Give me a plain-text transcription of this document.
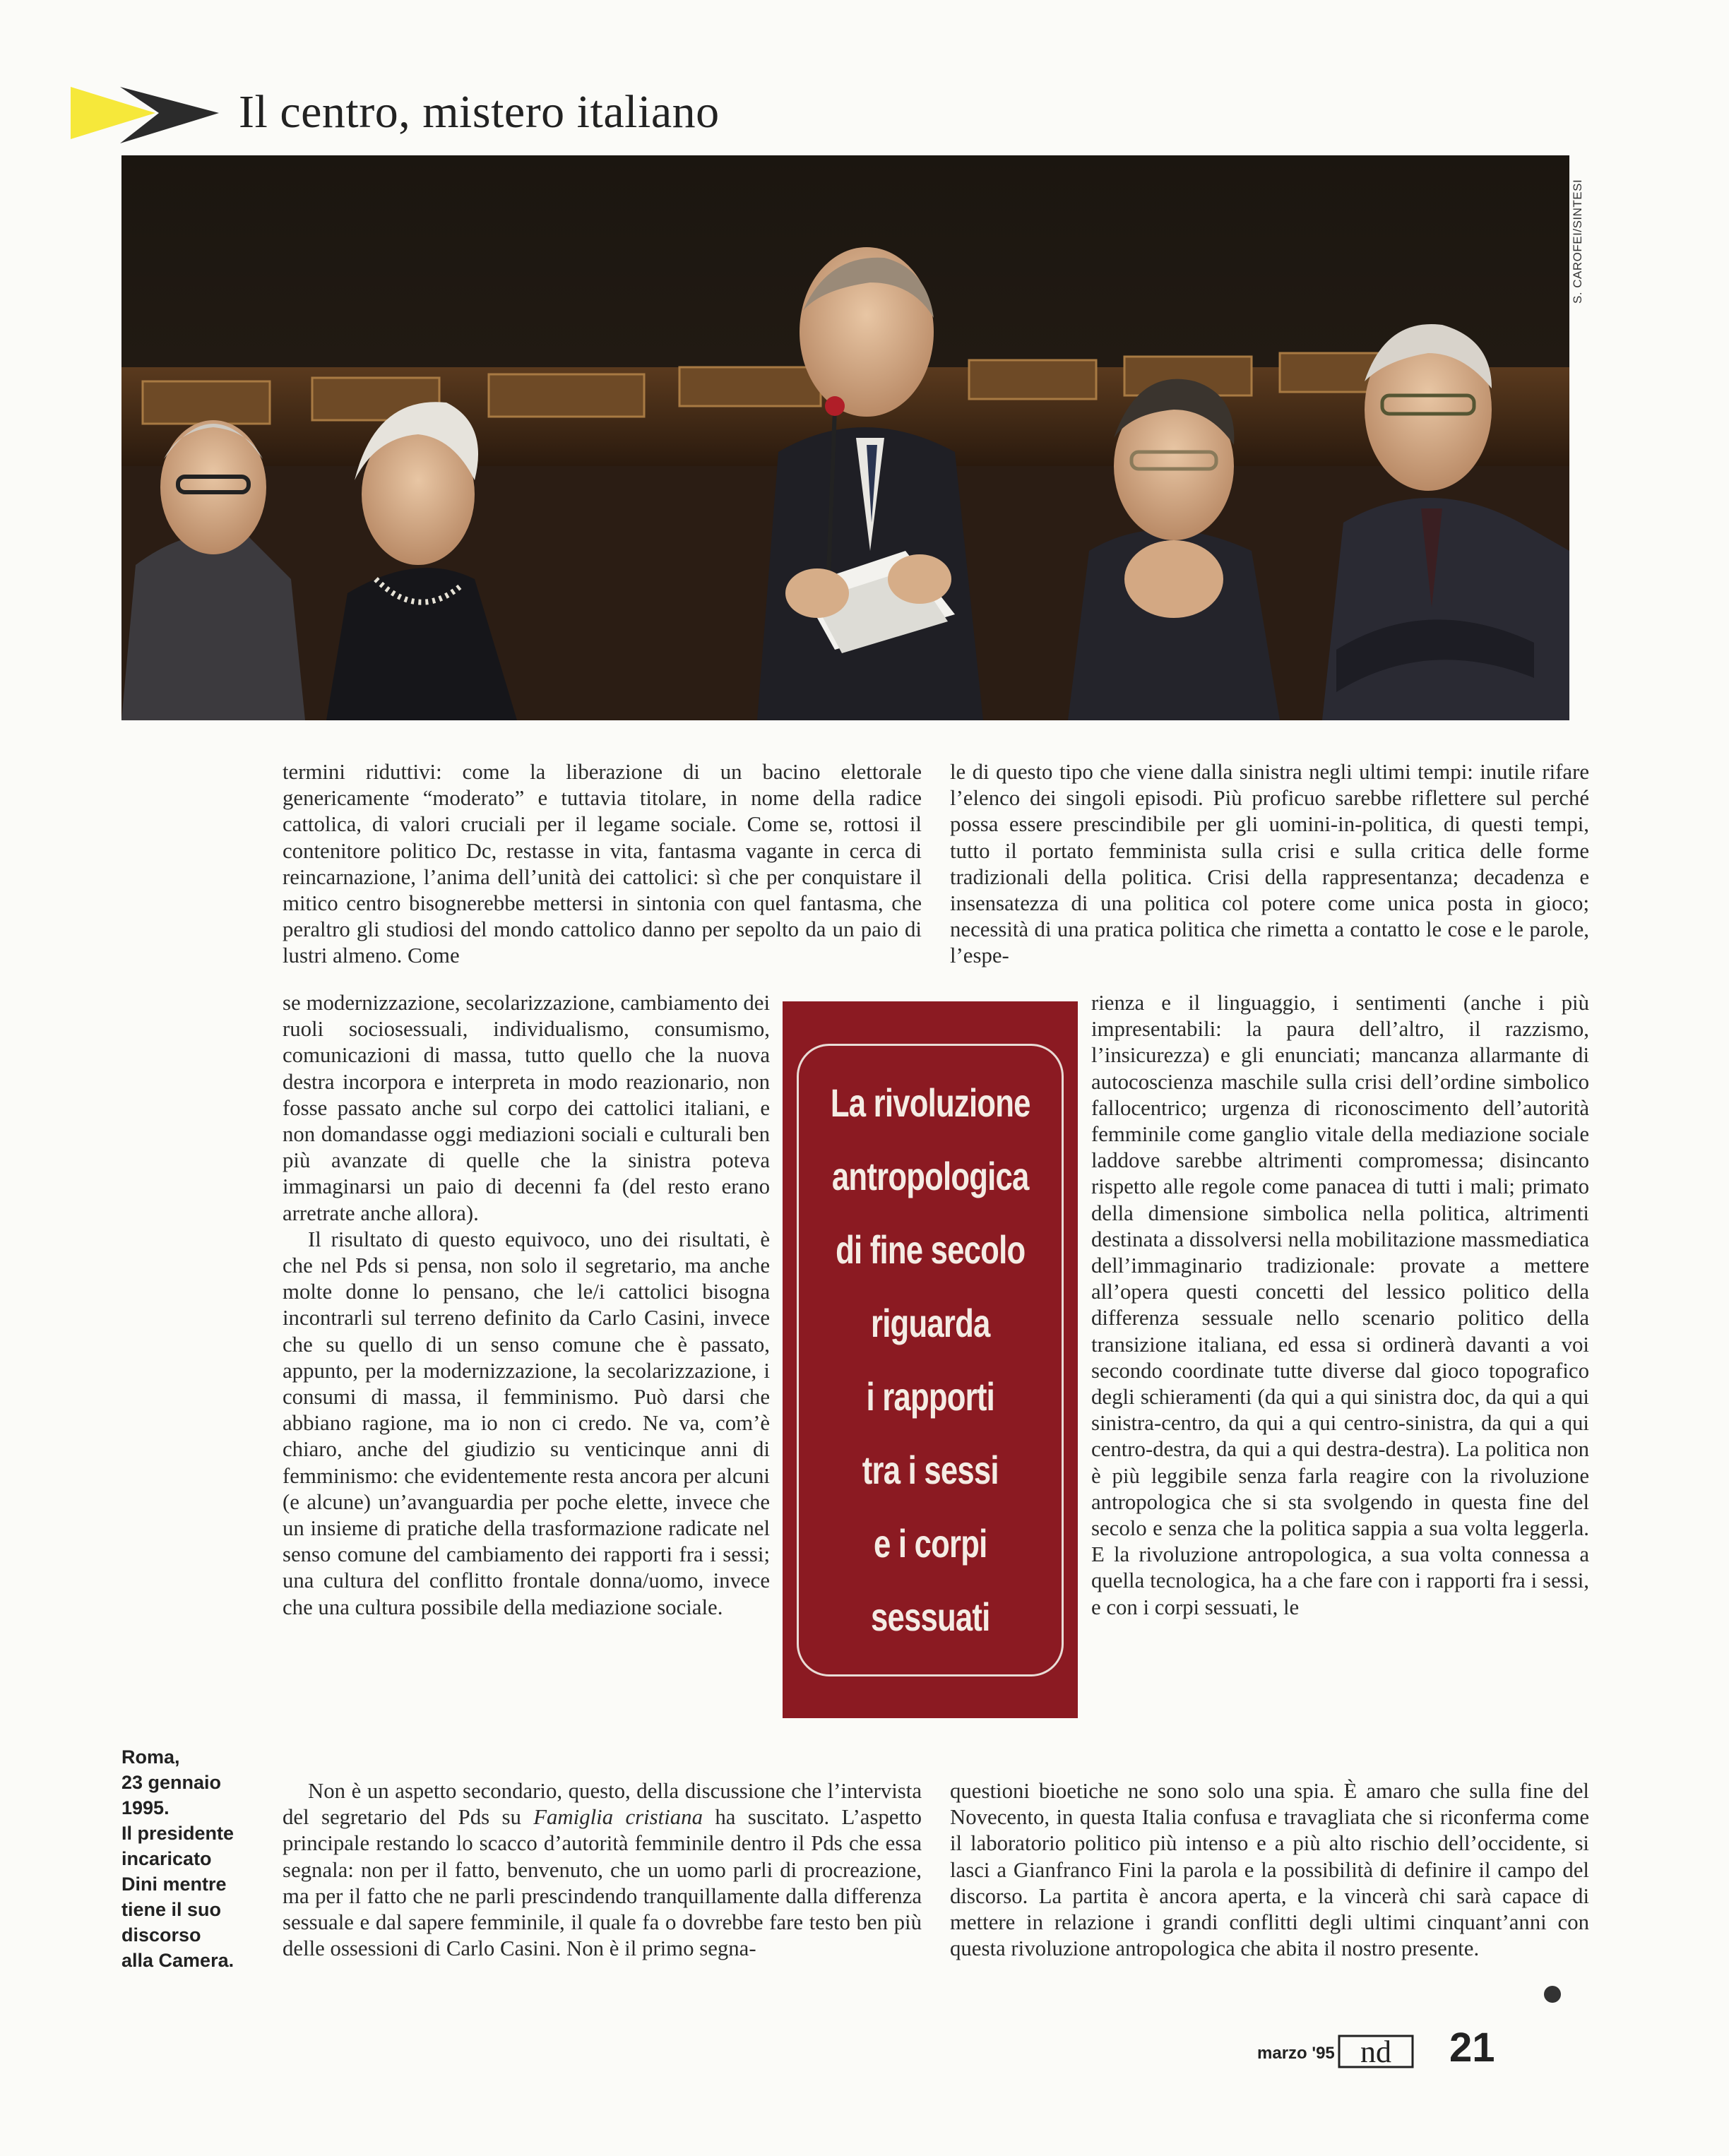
Il centro, mistero italiano
S. CAROFEI/SINTESI

termini riduttivi: come la liberazione di un bacino elettorale genericamente “moderato” e tuttavia titolare, in nome della radice cattolica, di valori cruciali per il legame sociale. Come se, rottosi il contenitore politico Dc, restasse in vita, fantasma vagante in cerca di reincarnazione, l’anima dell’unità dei cattolici: sì che per conquistare il mitico centro bisognerebbe mettersi in sintonia con quel fantasma, che peraltro gli studiosi del mondo cattolico danno per sepolto da un paio di lustri almeno. Come

se modernizzazione, secolarizzazione, cambiamento dei ruoli sociosessuali, individualismo, consumismo, comunicazioni di massa, tutto quello che la nuova destra incorpora e interpreta in modo reazionario, non fosse passato anche sul corpo dei cattolici italiani, e non domandasse oggi mediazioni sociali e culturali ben più avanzate di quelle che la sinistra poteva immaginarsi un paio di decenni fa (del resto erano arretrate anche allora).

Il risultato di questo equivoco, uno dei risultati, è che nel Pds si pensa, non solo il segretario, ma anche molte donne lo pensano, che le/i cattolici bisogna incontrarli sul terreno definito da Carlo Casini, invece che su quello di un senso comune che è passato, appunto, per la modernizzazione, la secolarizzazione, i consumi di massa, il femminismo. Può darsi che abbiano ragione, ma io non ci credo. Ne va, com’è chiaro, anche del giudizio su venticinque anni di femminismo: che evidentemente resta ancora per alcuni (e alcune) un’avanguardia per poche elette, invece che un insieme di pratiche della trasformazione radicate nel senso comune del cambiamento dei rapporti fra i sessi; una cultura del conflitto frontale donna/uomo, invece che una cultura possibile della mediazione sociale.

Non è un aspetto secondario, questo, della discussione che l’intervista del segretario del Pds su Famiglia cristiana ha suscitato. L’aspetto principale restando lo scacco d’autorità femminile dentro il Pds che essa segnala: non per il fatto, benvenuto, che un uomo parli di procreazione, ma per il fatto che ne parli prescindendo tranquillamente dalla differenza sessuale e dal sapere femminile, il quale fa o dovrebbe fare testo ben più delle ossessioni di Carlo Casini. Non è il primo segna-

La rivoluzione
antropologica
di fine secolo
riguarda
i rapporti
tra i sessi
e i corpi
sessuati

le di questo tipo che viene dalla sinistra negli ultimi tempi: inutile rifare l’elenco dei singoli episodi. Più proficuo sarebbe riflettere sul perché possa essere prescindibile per gli uomini-in-politica, di questi tempi, tutto il portato femminista sulla crisi e sulla critica delle forme tradizionali della politica. Crisi della rappresentanza; decadenza e insensatezza di una politica col potere come unica posta in gioco; necessità di una pratica politica che rimetta a contatto le cose e le parole, l’espe-

rienza e il linguaggio, i sentimenti (anche i più impresentabili: la paura dell’altro, il razzismo, l’insicurezza) e gli enunciati; mancanza allarmante di autocoscienza maschile sulla crisi dell’ordine simbolico fallocentrico; urgenza di riconoscimento dell’autorità femminile come ganglio vitale della mediazione sociale laddove sarebbe altrimenti compromessa; disincanto rispetto alle regole come panacea di tutti i mali; primato della dimensione simbolica nella politica, altrimenti destinata a dissolversi nella mobilitazione massmediatica dell’immaginario tradizionale: provate a mettere all’opera questi concetti del lessico politico della differenza sessuale nello scenario politico della transizione italiana, ed essa si ordinerà davanti a voi secondo coordinate tutte diverse dal gioco topografico degli schieramenti (da qui a qui sinistra doc, da qui a qui sinistra-centro, da qui a qui centro-sinistra, da qui a qui centro-destra, da qui a qui destra-destra). La politica non è più leggibile senza farla reagire con la rivoluzione antropologica che si sta svolgendo in questa fine del secolo e senza che la politica sappia a sua volta leggerla. E la rivoluzione antropologica, a sua volta connessa a quella tecnologica, ha a che fare con i rapporti fra i sessi, e con i corpi sessuati, le

questioni bioetiche ne sono solo una spia. È amaro che sulla fine del Novecento, in questa Italia confusa e travagliata che si riconferma come il laboratorio politico più intenso e a più alto rischio dell’occidente, si lasci a Gianfranco Fini la parola e la possibilità di definire il campo del discorso. La partita è ancora aperta, e la vincerà chi sarà capace di mettere in relazione i grandi conflitti degli ultimi cinquant’anni con questa rivoluzione antropologica che abita il nostro presente.

Roma,
23 gennaio
1995.
Il presidente
incaricato
Dini mentre
tiene il suo
discorso
alla Camera.
marzo '95 nd 21
